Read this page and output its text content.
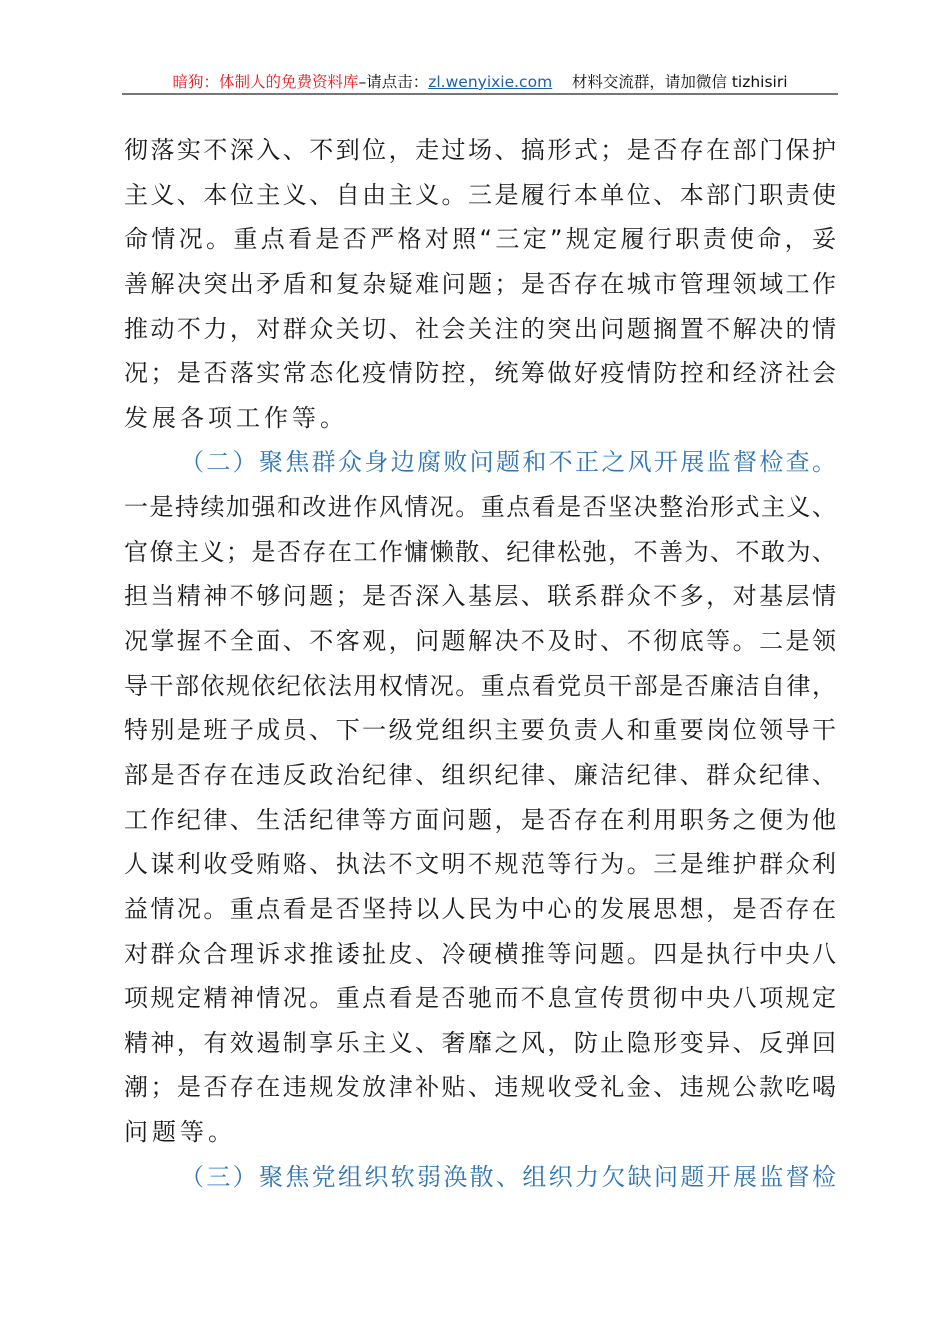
暗狗：体制人的免费资料库–请点击：zl.wenyixie.com 材料交流群，请加微信 tizhisiri
彻落实不深入、不到位，走过场、搞形式；是否存在部门保护
主义、本位主义、自由主义。三是履行本单位、本部门职责使
命情况。重点看是否严格对照“三定”规定履行职责使命，妥
善解决突出矛盾和复杂疑难问题；是否存在城市管理领域工作
推动不力，对群众关切、社会关注的突出问题搁置不解决的情
况；是否落实常态化疫情防控，统筹做好疫情防控和经济社会
发展各项工作等。
（二）聚焦群众身边腐败问题和不正之风开展监督检查。
一是持续加强和改进作风情况。重点看是否坚决整治形式主义、
官僚主义；是否存在工作慵懒散、纪律松弛，不善为、不敢为、
担当精神不够问题；是否深入基层、联系群众不多，对基层情
况掌握不全面、不客观，问题解决不及时、不彻底等。二是领
导干部依规依纪依法用权情况。重点看党员干部是否廉洁自律，
特别是班子成员、下一级党组织主要负责人和重要岗位领导干
部是否存在违反政治纪律、组织纪律、廉洁纪律、群众纪律、
工作纪律、生活纪律等方面问题，是否存在利用职务之便为他
人谋利收受贿赂、执法不文明不规范等行为。三是维护群众利
益情况。重点看是否坚持以人民为中心的发展思想，是否存在
对群众合理诉求推诿扯皮、冷硬横推等问题。四是执行中央八
项规定精神情况。重点看是否驰而不息宣传贯彻中央八项规定
精神，有效遏制享乐主义、奢靡之风，防止隐形变异、反弹回
潮；是否存在违规发放津补贴、违规收受礼金、违规公款吃喝
问题等。
（三）聚焦党组织软弱涣散、组织力欠缺问题开展监督检
